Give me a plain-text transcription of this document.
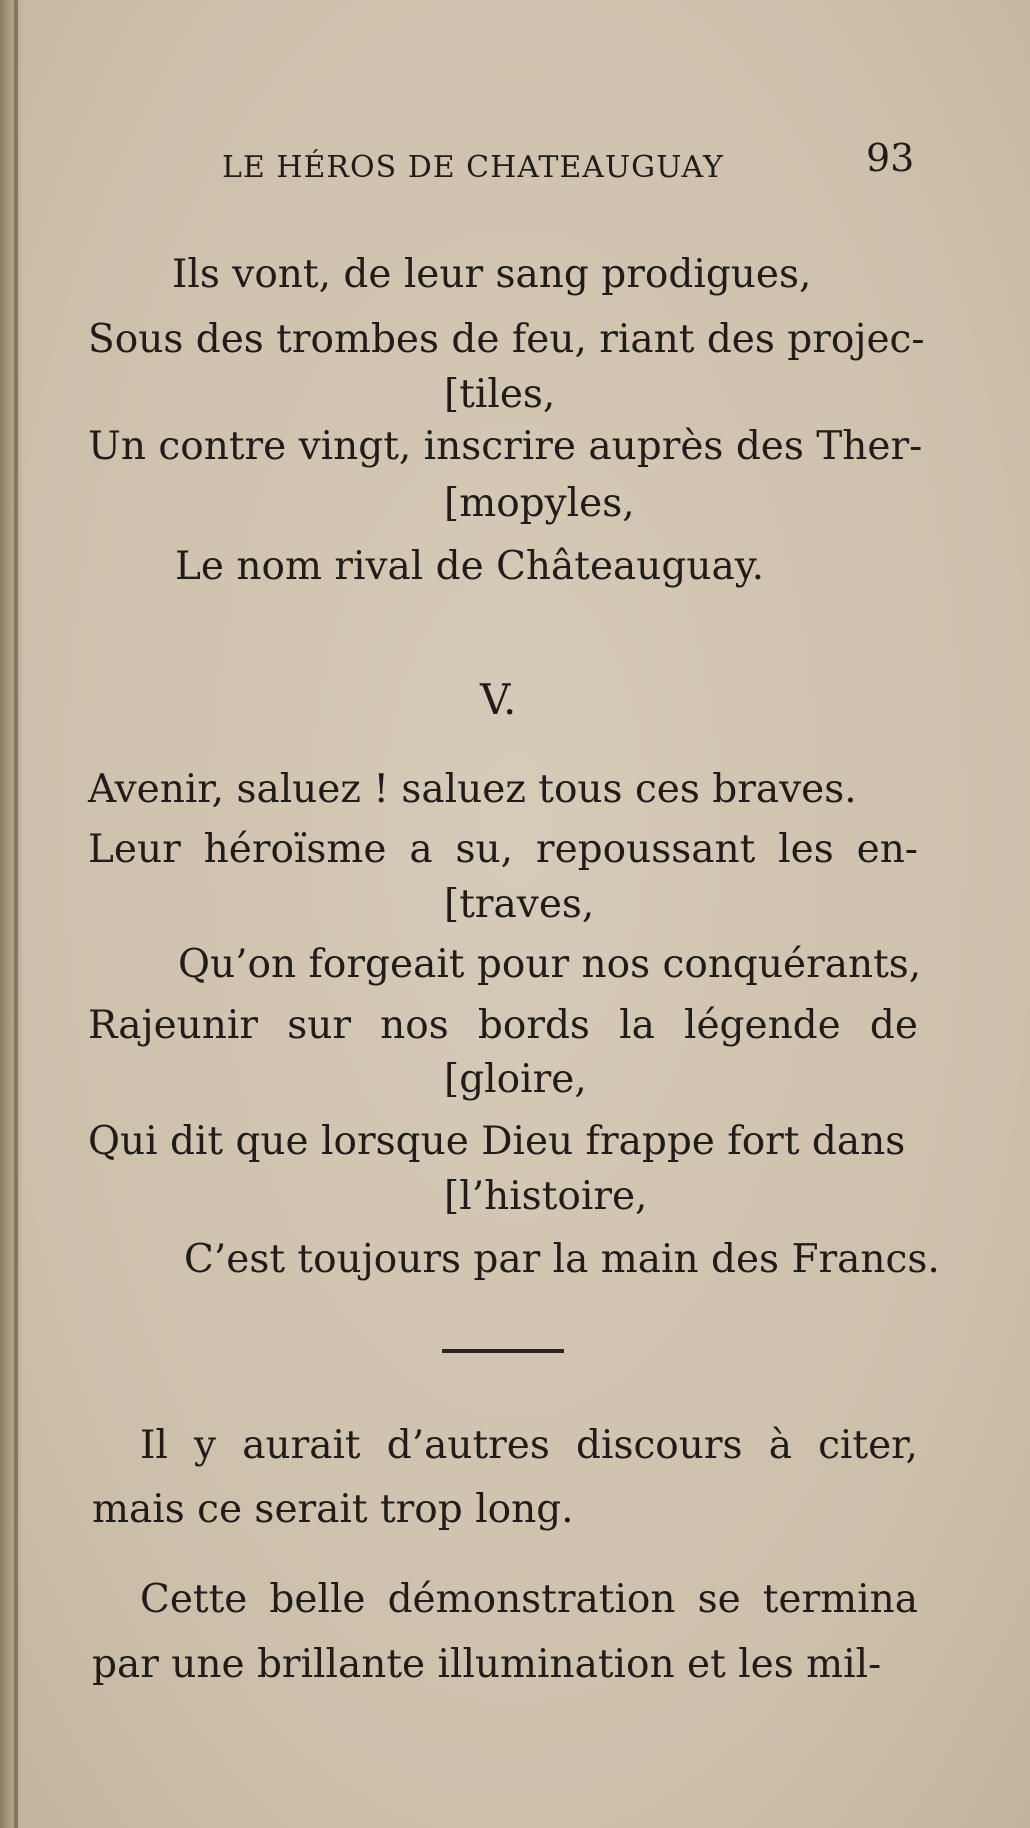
LE HÉROS DE CHATEAUGUAY	93
Ils vont, de leur sang prodigues,
Sous des trombes de feu, riant des projec-
[tiles,
Un contre vingt, inscrire auprès des Ther-
[mopyles,
Le nom rival de Châteauguay.
V.
Avenir, saluez ! saluez tous ces braves.
Leur héroïsme a su, repoussant les en-
[traves,
Qu’on forgeait pour nos conquérants,
Rajeunir sur nos bords la légende de
[gloire,
Qui dit que lorsque Dieu frappe fort dans
[l’histoire,
C’est toujours par la main des Francs.
Il y aurait d’autres discours à citer,
mais ce serait trop long.
Cette belle démonstration se termina
par une brillante illumination et les mil-
